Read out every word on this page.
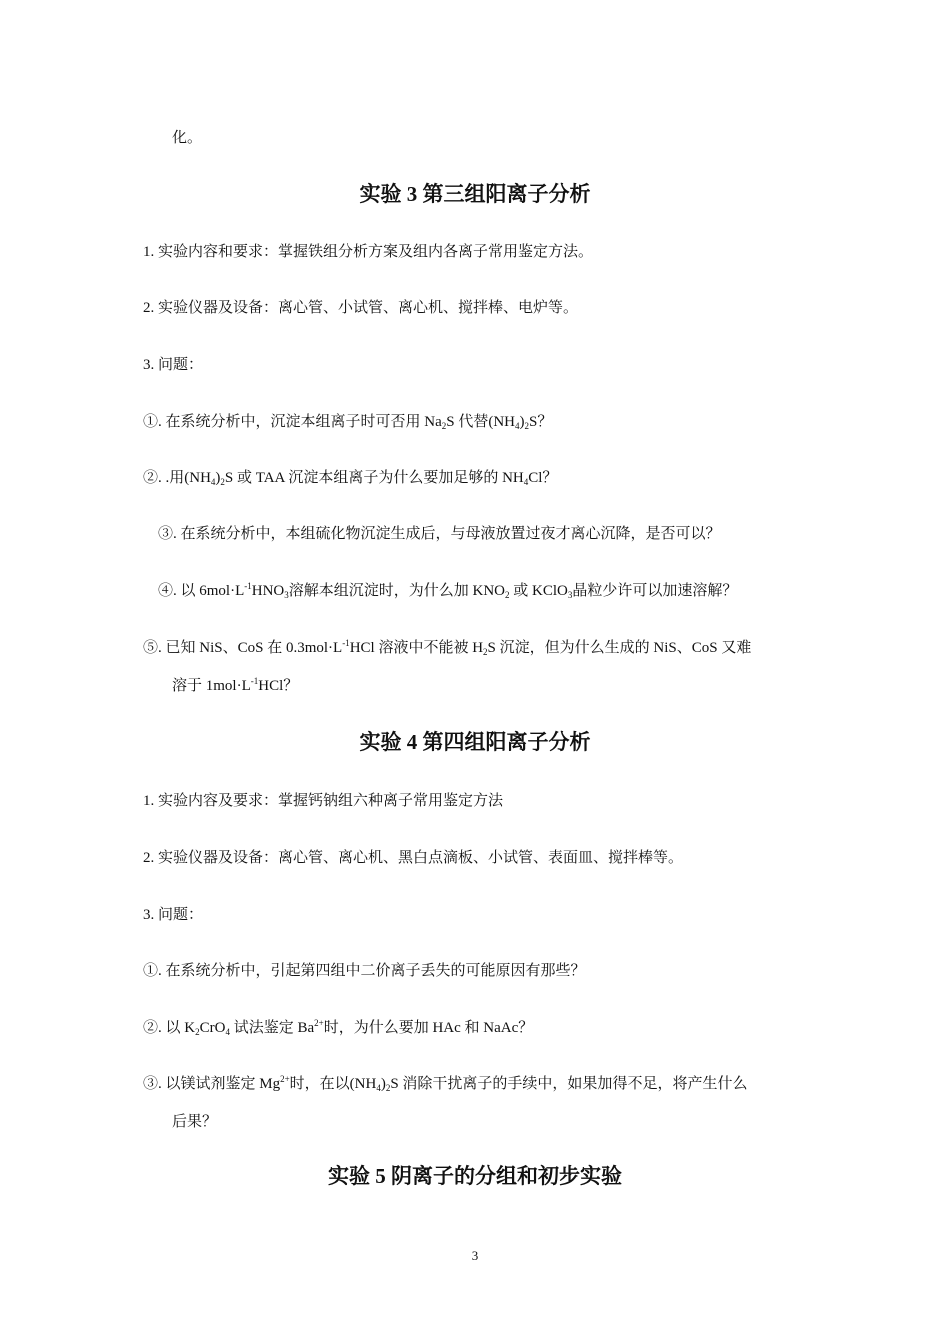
化。
实验 3 第三组阳离子分析
1. 实验内容和要求：掌握铁组分析方案及组内各离子常用鉴定方法。
2. 实验仪器及设备：离心管、小试管、离心机、搅拌棒、电炉等。
3. 问题：
①. 在系统分析中，沉淀本组离子时可否用 $Na_2S$ 代替$(NH_4)_2S$？
②. .用$(NH_4)_2S$ 或 TAA 沉淀本组离子为什么要加足够的 $NH_4Cl$？
③. 在系统分析中，本组硫化物沉淀生成后，与母液放置过夜才离心沉降，是否可以？
④. 以 $6mol\cdot L^{-1}HNO_3$溶解本组沉淀时，为什么加 $KNO_2$ 或 KClO$_3$晶粒少许可以加速溶解？
⑤. 已知 NiS、CoS 在 $0.3mol\cdot L^{-1}HCl$ 溶液中不能被 $H_2S$ 沉淀，但为什么生成的 NiS、CoS 又难
溶于 $1mol\cdot L^{-1}HCl$？
实验 4 第四组阳离子分析
1. 实验内容及要求：掌握钙钠组六种离子常用鉴定方法
2. 实验仪器及设备：离心管、离心机、黑白点滴板、小试管、表面皿、搅拌棒等。
3. 问题：
①. 在系统分析中，引起第四组中二价离子丢失的可能原因有那些？
②. 以 $K_2CrO_4$ 试法鉴定 $Ba^{2+}$时，为什么要加 HAc 和 NaAc？
③. 以镁试剂鉴定 $Mg^{2+}$时，在以$(NH_4)_2S$ 消除干扰离子的手续中，如果加得不足，将产生什么
后果？
实验 5 阴离子的分组和初步实验
3
